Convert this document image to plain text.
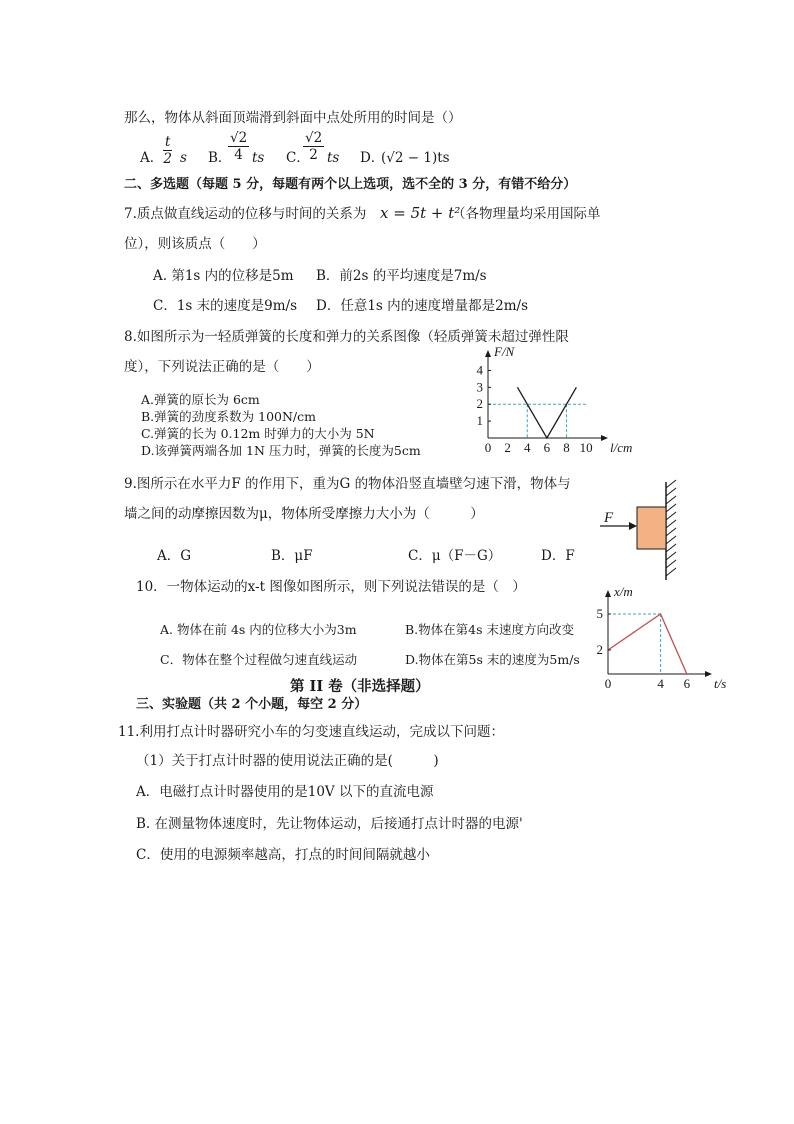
那么，物体从斜面顶端滑到斜面中点处所用的时间是（）
A． $\frac{t}{2}$ s B．
$\frac{√2}{4}$ ts C．
$\frac{√2}{2}$ ts D．
(√2 − 1)ts
二、多选题（每题 5 分，每题有两个以上选项，选不全的 3 分，有错不给分）
7.质点做直线运动的位移与时间的关系为 x = 5t + t²
（各物理量均采用国际单
位），则该质点（　　）
A. 第1s 内的位移是5m B．前2s 的平均速度是7m/s
C．1s 末的速度是9m/s D．任意1s 内的速度增量都是2m/s
8.如图所示为一轻质弹簧的长度和弹力的关系图像（轻质弹簧未超过弹性限
度），下列说法正确的是（　　）
A.弹簧的原长为 6cm
B.弹簧的劲度系数为 100N/cm
C.弹簧的长为 0.12m 时弹力的大小为 5N
D.该弹簧两端各加 1N 压力时，弹簧的长度为5cm	0 2 4 6 8 10
1
2
3
4
F/N
l/cm
9.图所示在水平力F 的作用下，重为G 的物体沿竖直墙壁匀速下滑，物体与
墙之间的动摩擦因数为μ，物体所受摩擦力大小为（　　　）
A．G	B．μF	C．μ（F－G）	D．F
F
10．一物体运动的x-t 图像如图所示，则下列说法错误的是（　）
A. 物体在前 4s 内的位移大小为3m	B.物体在第4s 末速度方向改变
C．物体在整个过程做匀速直线运动	D.物体在第5s 末的速度为5m/s
0	4 6
2
5
x/m
t/s
第 II 卷（非选择题）
三、实验题（共 2 个小题，每空 2 分）
11.利用打点计时器研究小车的匀变速直线运动，完成以下问题：
（1）关于打点计时器的使用说法正确的是(　　　)
A．电磁打点计时器使用的是10V 以下的直流电源
B. 在测量物体速度时，先让物体运动，后接通打点计时器的电源'
C．使用的电源频率越高，打点的时间间隔就越小
